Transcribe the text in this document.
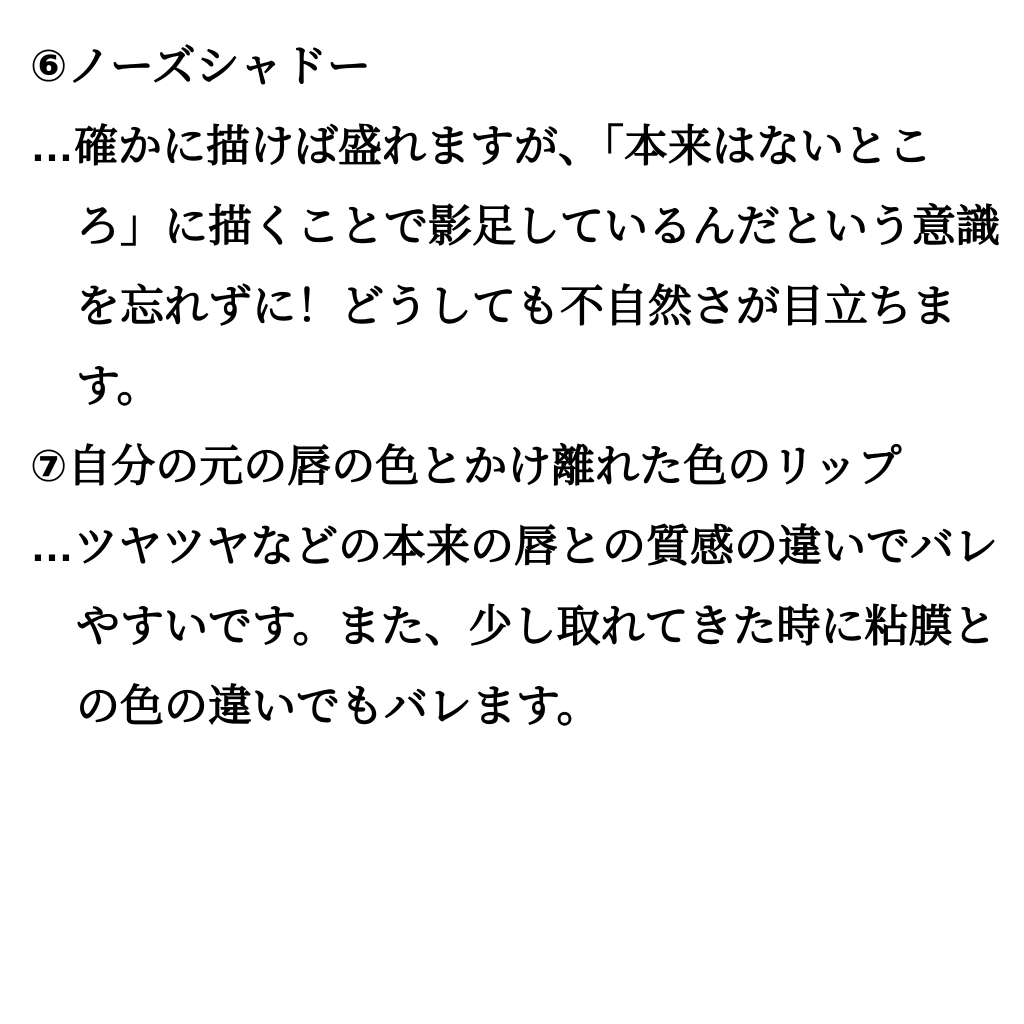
⑥ノーズシャドー
…確かに描けば盛れますが、「本来はないとこ
ろ」に描くことで影足しているんだという意識
を忘れずに！どうしても不自然さが目立ちま
す。
⑦自分の元の唇の色とかけ離れた色のリップ
…ツヤツヤなどの本来の唇との質感の違いでバレ
やすいです。また、少し取れてきた時に粘膜と
の色の違いでもバレます。
